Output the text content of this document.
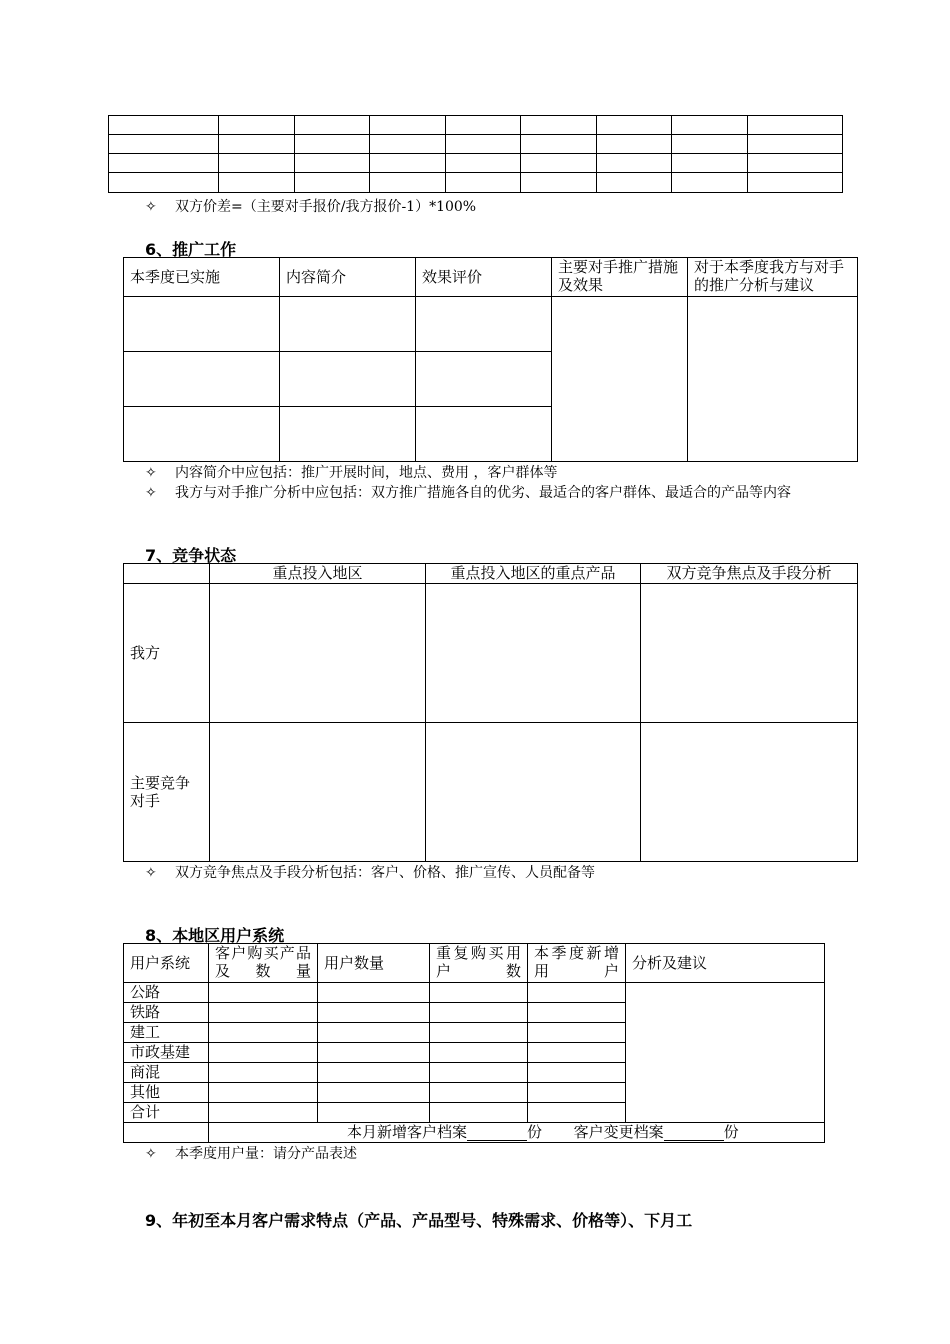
✧ 双方价差=（主要对手报价/我方报价-1）*100%
6、推广工作
本季度已实施	内容简介	效果评价	主要对手推广措施及效果	对于本季度我方与对手的推广分析与建议

✧ 内容简介中应包括：推广开展时间，地点、费用 ，客户群体等
✧	我方与对手推广分析中应包括：双方推广措施各自的优劣、最适合的客户群体、最适合的产品等内容
7、竞争状态
	重点投入地区	重点投入地区的重点产品	双方竞争焦点及手段分析
我方			
主要竞争对手			
✧ 双方竞争焦点及手段分析包括：客户、价格、推广宣传、人员配备等
8、本地区用户系统
用户系统	客户购买产品及数量	用户数量	重复购买用户数	本季度新增用户	分析及建议
公路					
铁路					
建工					
市政基建					
商混					
其他					
合计					
	本月新增客户档案 份 客户变更档案 份				
✧ 本季度用户量：请分产品表述
9、年初至本月客户需求特点（产品、产品型号、特殊需求、价格等）、下月工
